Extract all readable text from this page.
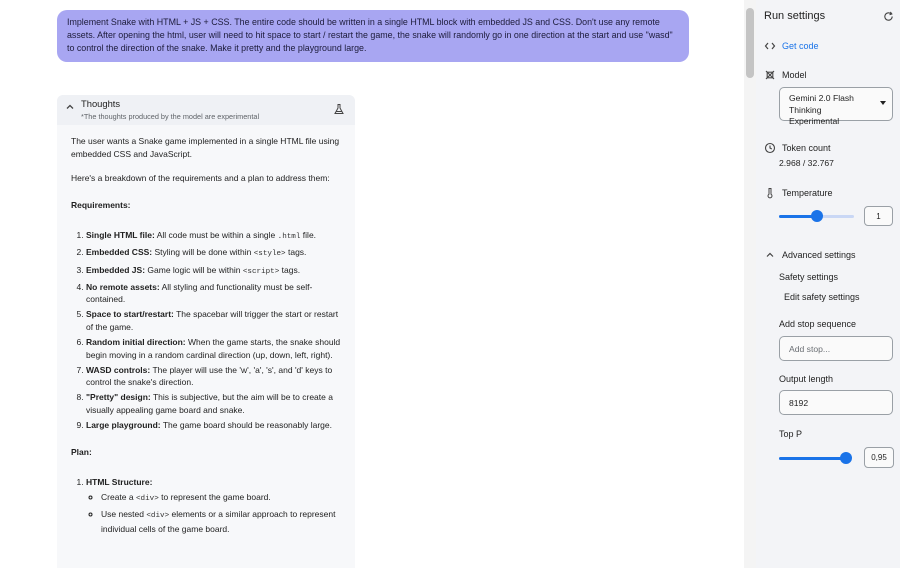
Implement Snake with HTML + JS + CSS. The entire code should be written in a single HTML block with embedded JS and CSS. Don't use any remote assets. After opening the html, user will need to hit space to start / restart the game, the snake will randomly go in one direction at the start and use "wasd" to control the direction of the snake. Make it pretty and the playground large.
Thoughts
*The thoughts produced by the model are experimental

The user wants a Snake game implemented in a single HTML file using embedded CSS and JavaScript.

Here's a breakdown of the requirements and a plan to address them:

Requirements:

1. Single HTML file: All code must be within a single .html file.
2. Embedded CSS: Styling will be done within <style> tags.
3. Embedded JS: Game logic will be within <script> tags.
4. No remote assets: All styling and functionality must be self-contained.
5. Space to start/restart: The spacebar will trigger the start or restart of the game.
6. Random initial direction: When the game starts, the snake should begin moving in a random cardinal direction (up, down, left, right).
7. WASD controls: The player will use the 'w', 'a', 's', and 'd' keys to control the snake's direction.
8. "Pretty" design: This is subjective, but the aim will be to create a visually appealing game board and snake.
9. Large playground: The game board should be reasonably large.

Plan:

1. HTML Structure:
◦ Create a <div> to represent the game board.
◦ Use nested <div> elements or a similar approach to represent individual cells of the game board.
Run settings
Get code
Model
Gemini 2.0 Flash Thinking Experimental
Token count
2.968 / 32.767
Temperature
1
Advanced settings
Safety settings
Edit safety settings
Add stop sequence
Add stop...
Output length
8192
Top P
0,95
